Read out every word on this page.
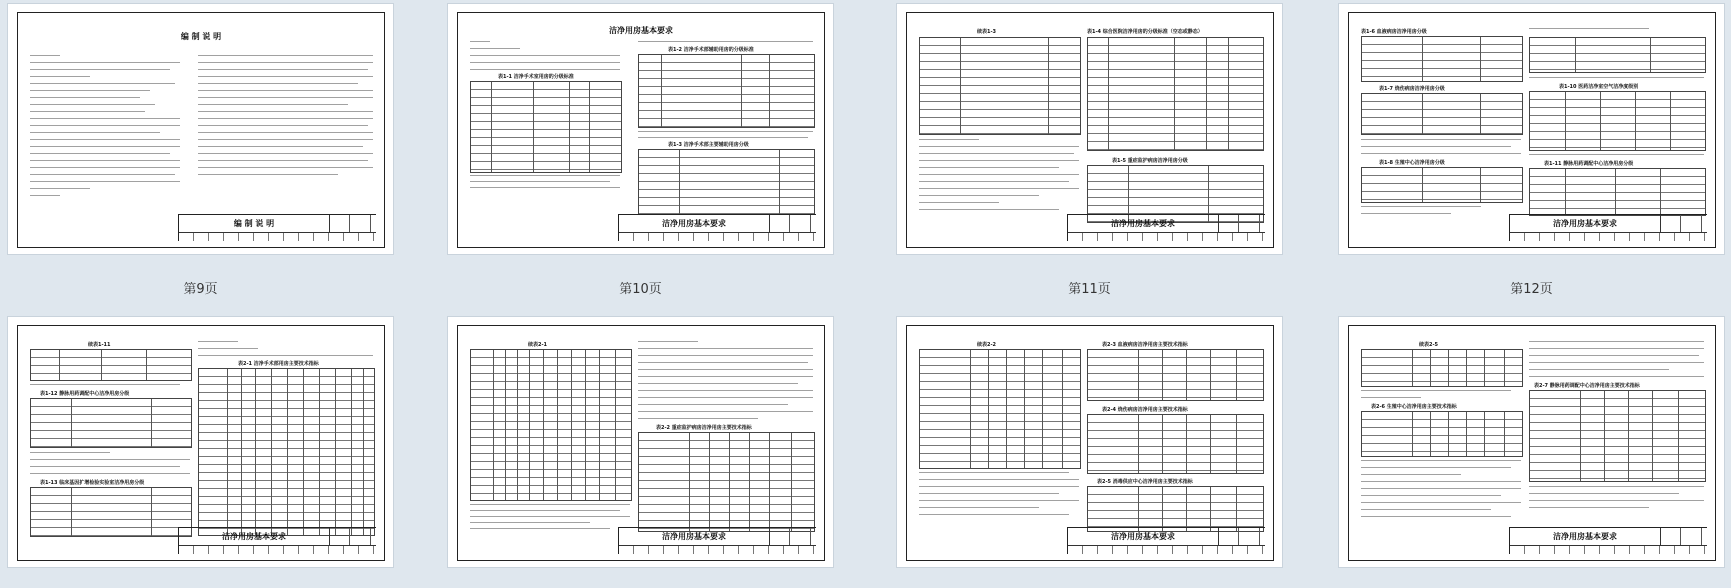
编 制 说 明
编 制 说 明
第9页
洁净用房基本要求
表1-1 洁净手术室用房的分级标准
表1-2 洁净手术部辅助用房的分级标准
表1-3 洁净手术部主要辅助用房分级
洁净用房基本要求
第10页
续表1-3	表1-4 综合医院洁净用房的分级标准（空态或静态）
表1-5 重症监护病房洁净用房分级
洁净用房基本要求
第11页
表1-6 血液病房洁净用房分级
表1-7 烧伤病房洁净用房分级
表1-8 生殖中心洁净用房分级
表1-10 医药洁净室空气洁净度级别
表1-11 静脉用药调配中心洁净用房分级
洁净用房基本要求
第12页
续表1-11
表1-12 静脉用药调配中心洁净用房分级
表1-13 临床基因扩增检验实验室洁净用房分级
表2-1 洁净手术部用房主要技术指标
洁净用房基本要求
续表2-1
表2-2 重症监护病房洁净用房主要技术指标
洁净用房基本要求
续表2-2	表2-3 血液病房洁净用房主要技术指标
表2-4 烧伤病房洁净用房主要技术指标
表2-5 消毒供应中心洁净用房主要技术指标
洁净用房基本要求
续表2-5
表2-6 生殖中心洁净用房主要技术指标
表2-7 静脉用药调配中心洁净用房主要技术指标
洁净用房基本要求
